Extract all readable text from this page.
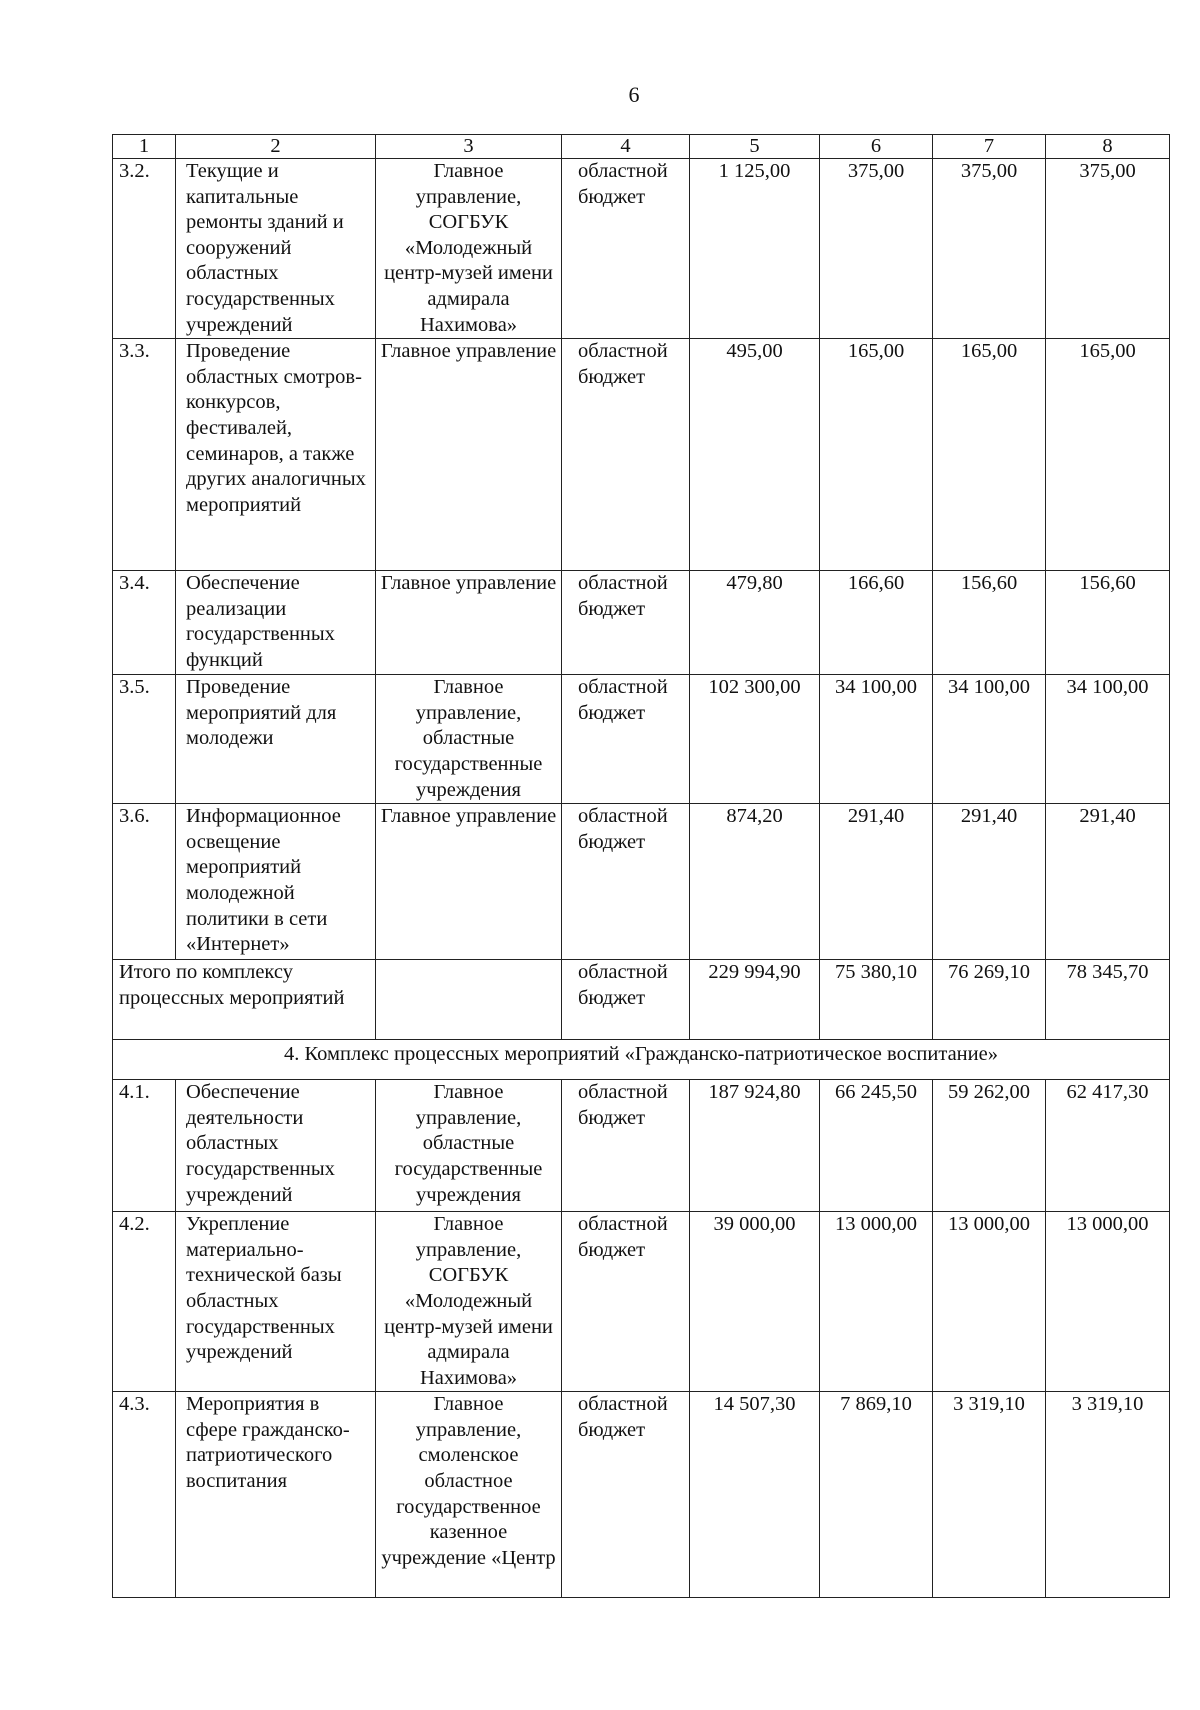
6
1	2	3	4	5	6	7	8
3.2.	Текущие и капитальные ремонты зданий и сооружений областных государственных учреждений	Главное управление, СОГБУК «Молодежный центр-музей имени адмирала Нахимова»	областной бюджет	1 125,00	375,00	375,00	375,00
3.3.	Проведение областных смотров-конкурсов, фестивалей, семинаров, а также других аналогичных мероприятий	Главное управление	областной бюджет	495,00	165,00	165,00	165,00
3.4.	Обеспечение реализации государственных функций	Главное управление	областной бюджет	479,80	166,60	156,60	156,60
3.5.	Проведение мероприятий для молодежи	Главное управление, областные государственные учреждения	областной бюджет	102 300,00	34 100,00	34 100,00	34 100,00
3.6.	Информационное освещение мероприятий молодежной политики в сети «Интернет»	Главное управление	областной бюджет	874,20	291,40	291,40	291,40
Итого по комплексу процессных мероприятий			областной бюджет	229 994,90	75 380,10	76 269,10	78 345,70
4. Комплекс процессных мероприятий «Гражданско-патриотическое воспитание»							
4.1.	Обеспечение деятельности областных государственных учреждений	Главное управление, областные государственные учреждения	областной бюджет	187 924,80	66 245,50	59 262,00	62 417,30
4.2.	Укрепление материально-технической базы областных государственных учреждений	Главное управление, СОГБУК «Молодежный центр-музей имени адмирала Нахимова»	областной бюджет	39 000,00	13 000,00	13 000,00	13 000,00
4.3.	Мероприятия в сфере гражданско-патриотического воспитания	Главное управление, смоленское областное государственное казенное учреждение «Центр	областной бюджет	14 507,30	7 869,10	3 319,10	3 319,10
